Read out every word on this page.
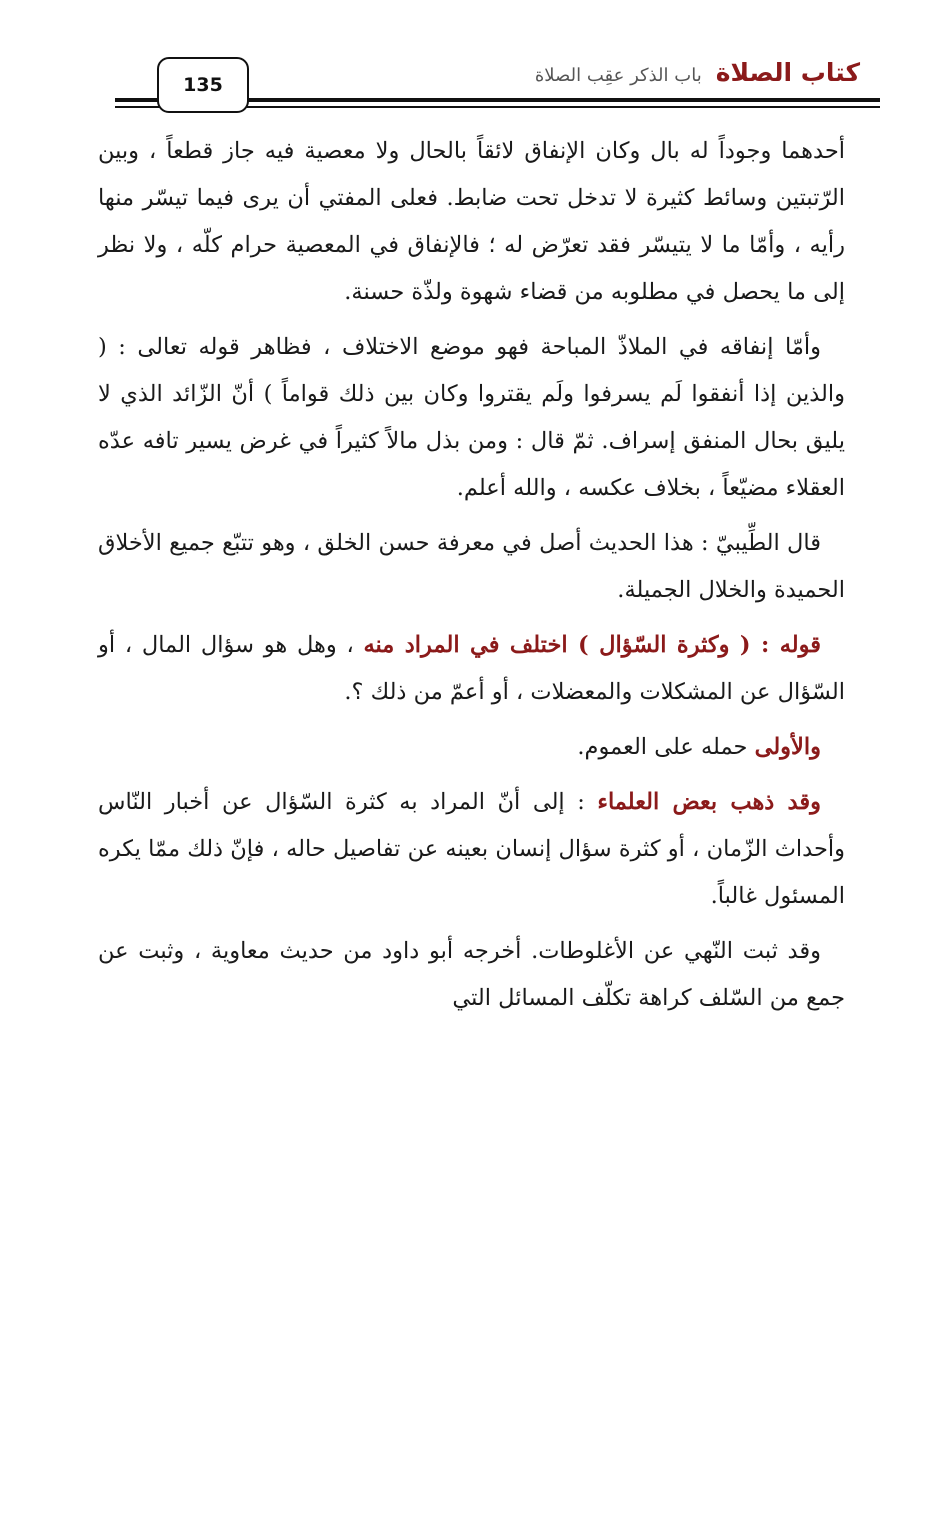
كتاب الصلاة
باب الذكر عقِب الصلاة
135

أحدهما وجوداً له بال وكان الإنفاق لائقاً بالحال ولا معصية فيه جاز قطعاً ، وبين الرّتبتين وسائط كثيرة لا تدخل تحت ضابط. فعلى المفتي أن يرى فيما تيسّر منها رأيه ، وأمّا ما لا يتيسّر فقد تعرّض له ؛ فالإنفاق في المعصية حرام كلّه ، ولا نظر إلى ما يحصل في مطلوبه من قضاء شهوة ولذّة حسنة.

وأمّا إنفاقه في الملاذّ المباحة فهو موضع الاختلاف ، فظاهر قوله تعالى : ( والذين إذا أنفقوا لَم يسرفوا ولَم يقتروا وكان بين ذلك قواماً ) أنّ الزّائد الذي لا يليق بحال المنفق إسراف. ثمّ قال : ومن بذل مالاً كثيراً في غرض يسير تافه عدّه العقلاء مضيّعاً ، بخلاف عكسه ، والله أعلم.

قال الطِّيبيّ : هذا الحديث أصل في معرفة حسن الخلق ، وهو تتبّع جميع الأخلاق الحميدة والخلال الجميلة.

قوله : ( وكثرة السّؤال ) اختلف في المراد منه ، وهل هو سؤال المال ، أو السّؤال عن المشكلات والمعضلات ، أو أعمّ من ذلك ؟.

والأولى حمله على العموم.

وقد ذهب بعض العلماء : إلى أنّ المراد به كثرة السّؤال عن أخبار النّاس وأحداث الزّمان ، أو كثرة سؤال إنسان بعينه عن تفاصيل حاله ، فإنّ ذلك ممّا يكره المسئول غالباً.

وقد ثبت النّهي عن الأغلوطات. أخرجه أبو داود من حديث معاوية ، وثبت عن جمع من السّلف كراهة تكلّف المسائل التي
